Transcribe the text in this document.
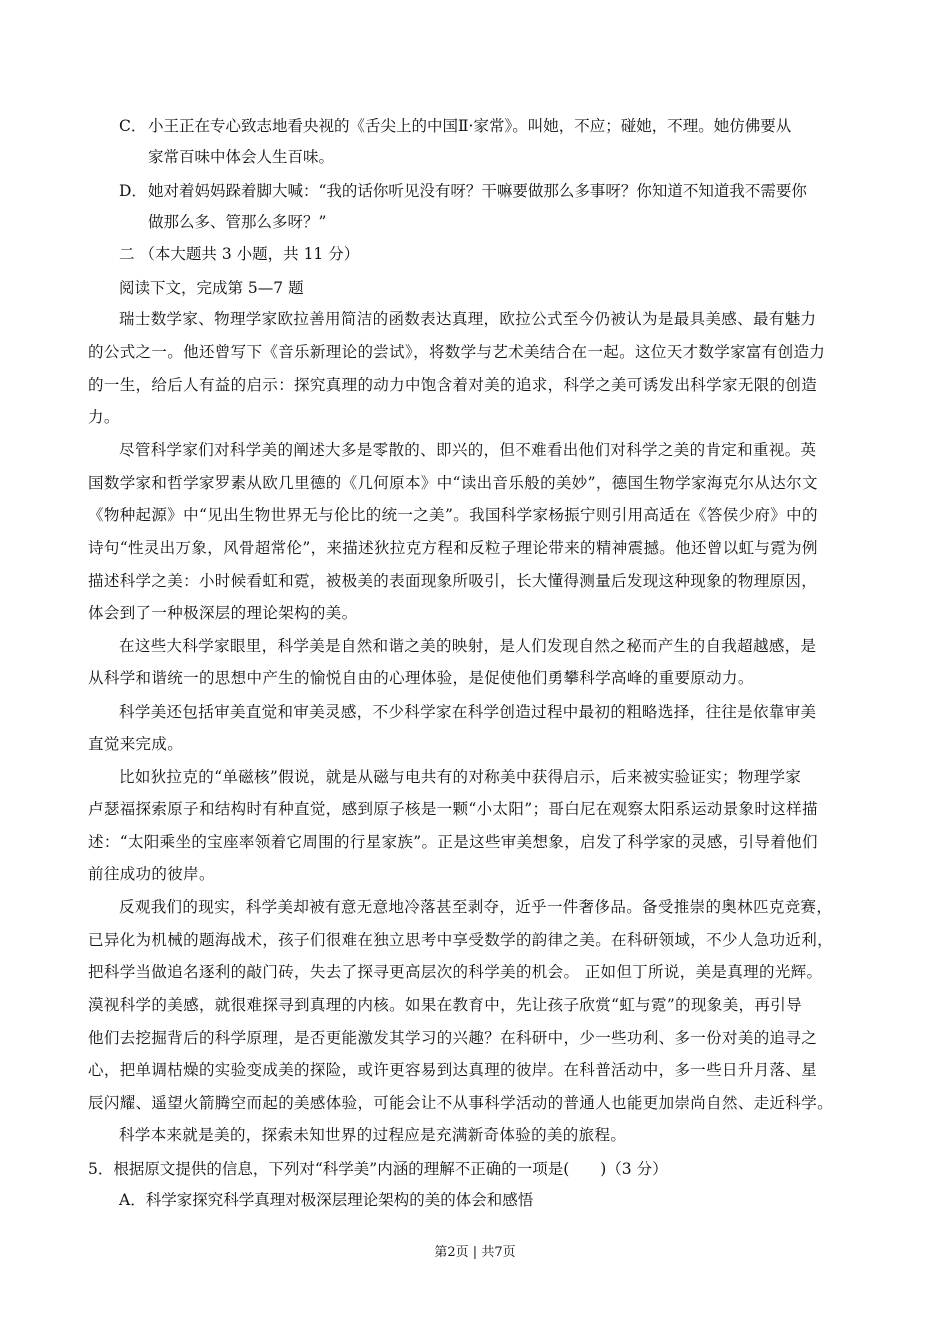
C． 小王正在专心致志地看央视的《舌尖上的中国Ⅱ·家常》。叫她，不应；碰她，不理。她仿佛要从

家常百味中体会人生百味。

D． 她对着妈妈跺着脚大喊：“我的话你听见没有呀？干嘛要做那么多事呀？你知道不知道我不需要你

做那么多、管那么多呀？”

二 （本大题共 3 小题，共 11 分）

阅读下文，完成第 5—7 题

瑞士数学家、物理学家欧拉善用简洁的函数表达真理，欧拉公式至今仍被认为是最具美感、最有魅力

的公式之一。他还曾写下《音乐新理论的尝试》，将数学与艺术美结合在一起。这位天才数学家富有创造力

的一生，给后人有益的启示：探究真理的动力中饱含着对美的追求，科学之美可诱发出科学家无限的创造

力。

尽管科学家们对科学美的阐述大多是零散的、即兴的，但不难看出他们对科学之美的肯定和重视。英

国数学家和哲学家罗素从欧几里德的《几何原本》中“读出音乐般的美妙”，德国生物学家海克尔从达尔文

《物种起源》中“见出生物世界无与伦比的统一之美”。我国科学家杨振宁则引用高适在《答侯少府》中的

诗句“性灵出万象，风骨超常伦”，来描述狄拉克方程和反粒子理论带来的精神震撼。他还曾以虹与霓为例

描述科学之美：小时候看虹和霓，被极美的表面现象所吸引，长大懂得测量后发现这种现象的物理原因，

体会到了一种极深层的理论架构的美。

在这些大科学家眼里，科学美是自然和谐之美的映射，是人们发现自然之秘而产生的自我超越感，是

从科学和谐统一的思想中产生的愉悦自由的心理体验，是促使他们勇攀科学高峰的重要原动力。

科学美还包括审美直觉和审美灵感，不少科学家在科学创造过程中最初的粗略选择，往往是依靠审美

直觉来完成。

比如狄拉克的“单磁核”假说，就是从磁与电共有的对称美中获得启示，后来被实验证实；物理学家

卢瑟福探索原子和结构时有种直觉，感到原子核是一颗“小太阳”；哥白尼在观察太阳系运动景象时这样描

述：“太阳乘坐的宝座率领着它周围的行星家族”。正是这些审美想象，启发了科学家的灵感，引导着他们

前往成功的彼岸。

反观我们的现实，科学美却被有意无意地冷落甚至剥夺，近乎一件奢侈品。备受推崇的奥林匹克竞赛，

已异化为机械的题海战术，孩子们很难在独立思考中享受数学的韵律之美。在科研领域，不少人急功近利，

把科学当做追名逐利的敲门砖，失去了探寻更高层次的科学美的机会。 正如但丁所说，美是真理的光辉。

漠视科学的美感，就很难探寻到真理的内核。如果在教育中，先让孩子欣赏“虹与霓”的现象美，再引导

他们去挖掘背后的科学原理，是否更能激发其学习的兴趣？在科研中，少一些功利、多一份对美的追寻之

心，把单调枯燥的实验变成美的探险，或许更容易到达真理的彼岸。在科普活动中，多一些日升月落、星

辰闪耀、遥望火箭腾空而起的美感体验，可能会让不从事科学活动的普通人也能更加崇尚自然、走近科学。

科学本来就是美的，探索未知世界的过程应是充满新奇体验的美的旅程。

5．根据原文提供的信息，下列对“科学美”内涵的理解不正确的一项是(　　)（3 分）

A．科学家探究科学真理对极深层理论架构的美的体会和感悟

第2页 | 共7页
